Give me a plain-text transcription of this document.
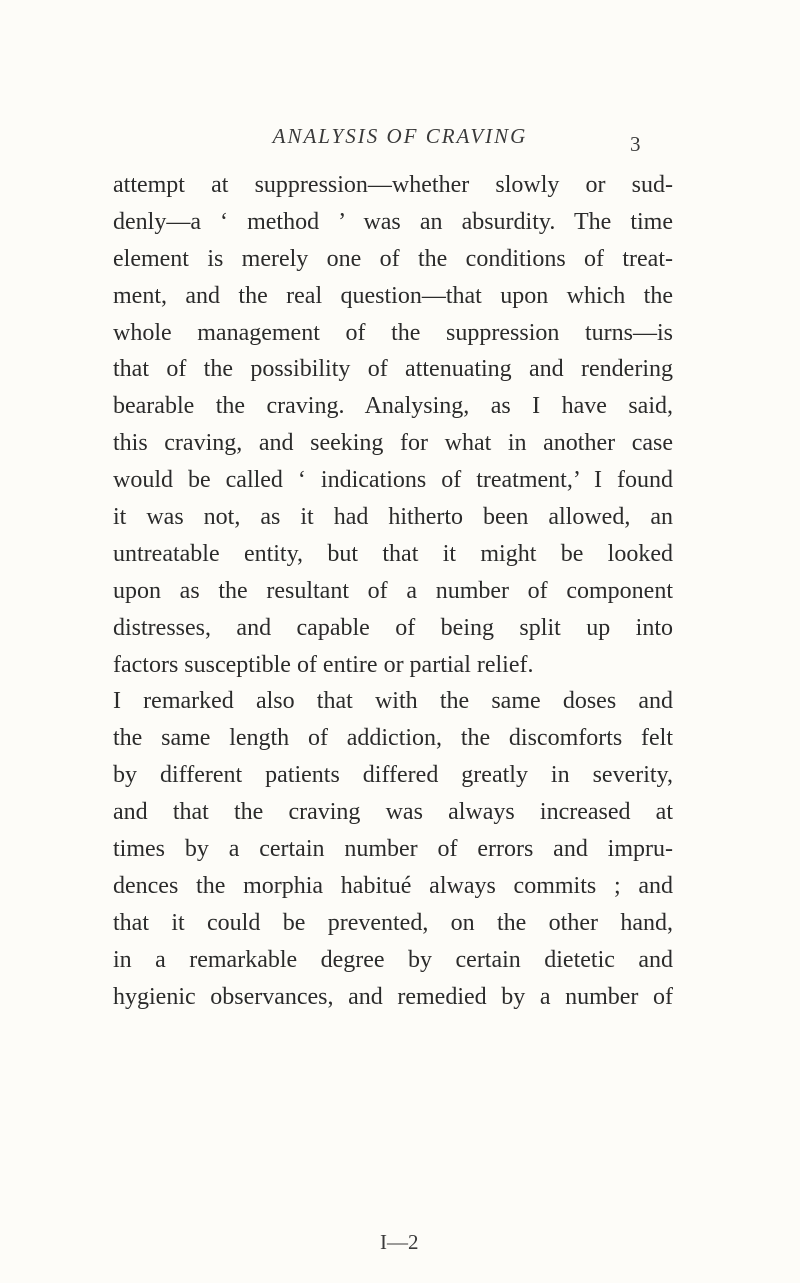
ANALYSIS OF CRAVING	3
attempt at suppression—whether slowly or sud-
denly—a ‘ method ’ was an absurdity. The time
element is merely one of the conditions of treat-
ment, and the real question—that upon which the
whole management of the suppression turns—is
that of the possibility of attenuating and rendering
bearable the craving. Analysing, as I have said,
this craving, and seeking for what in another case
would be called ‘ indications of treatment,’ I found
it was not, as it had hitherto been allowed, an
untreatable entity, but that it might be looked
upon as the resultant of a number of component
distresses, and capable of being split up into
factors susceptible of entire or partial relief.
I remarked also that with the same doses and
the same length of addiction, the discomforts felt
by different patients differed greatly in severity,
and that the craving was always increased at
times by a certain number of errors and impru-
dences the morphia habitué always commits ; and
that it could be prevented, on the other hand,
in a remarkable degree by certain dietetic and
hygienic observances, and remedied by a number of
I—2
